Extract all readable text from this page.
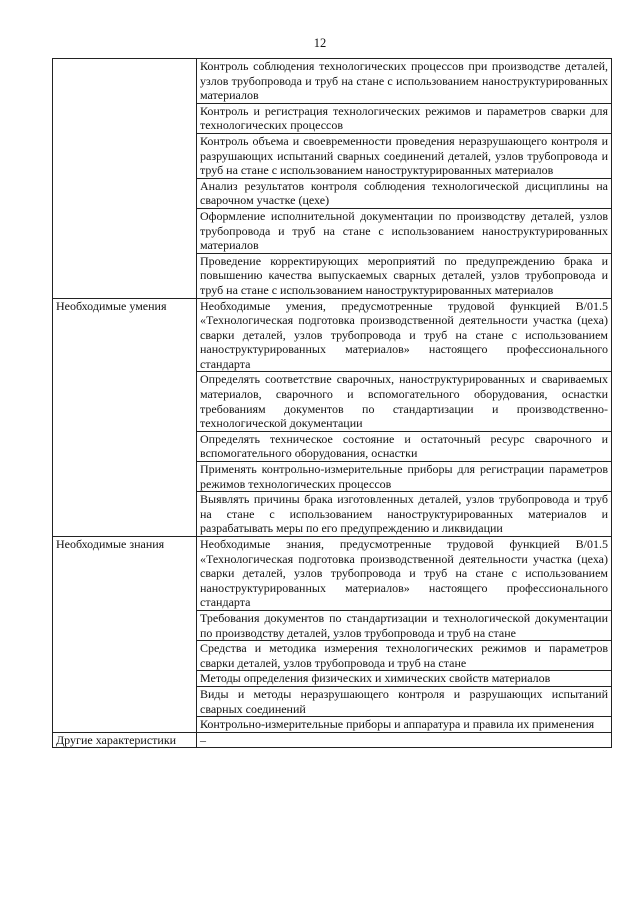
12
	Контроль соблюдения технологических процессов при производстве деталей, узлов трубопровода и труб на стане с использованием наноструктурированных материалов
	Контроль и регистрация технологических режимов и параметров сварки для технологических процессов
	Контроль объема и своевременности проведения неразрушающего контроля и разрушающих испытаний сварных соединений деталей, узлов трубопровода и труб на стане с использованием наноструктурированных материалов
	Анализ результатов контроля соблюдения технологической дисциплины на сварочном участке (цехе)
	Оформление исполнительной документации по производству деталей, узлов трубопровода и труб на стане с использованием наноструктурированных материалов
	Проведение корректирующих мероприятий по предупреждению брака и повышению качества выпускаемых сварных деталей, узлов трубопровода и труб на стане с использованием наноструктурированных материалов
Необходимые умения	Необходимые умения, предусмотренные трудовой функцией B/01.5 «Технологическая подготовка производственной деятельности участка (цеха) сварки деталей, узлов трубопровода и труб на стане с использованием наноструктурированных материалов» настоящего профессионального стандарта
	Определять соответствие сварочных, наноструктурированных и свариваемых материалов, сварочного и вспомогательного оборудования, оснастки требованиям документов по стандартизации и производственно-технологической документации
	Определять техническое состояние и остаточный ресурс сварочного и вспомогательного оборудования, оснастки
	Применять контрольно-измерительные приборы для регистрации параметров режимов технологических процессов
	Выявлять причины брака изготовленных деталей, узлов трубопровода и труб на стане с использованием наноструктурированных материалов и разрабатывать меры по его предупреждению и ликвидации
Необходимые знания	Необходимые знания, предусмотренные трудовой функцией B/01.5 «Технологическая подготовка производственной деятельности участка (цеха) сварки деталей, узлов трубопровода и труб на стане с использованием наноструктурированных материалов» настоящего профессионального стандарта
	Требования документов по стандартизации и технологической документации по производству деталей, узлов трубопровода и труб на стане
	Средства и методика измерения технологических режимов и параметров сварки деталей, узлов трубопровода и труб на стане
	Методы определения физических и химических свойств материалов
	Виды и методы неразрушающего контроля и разрушающих испытаний сварных соединений
	Контрольно-измерительные приборы и аппаратура и правила их применения
Другие характеристики	–
